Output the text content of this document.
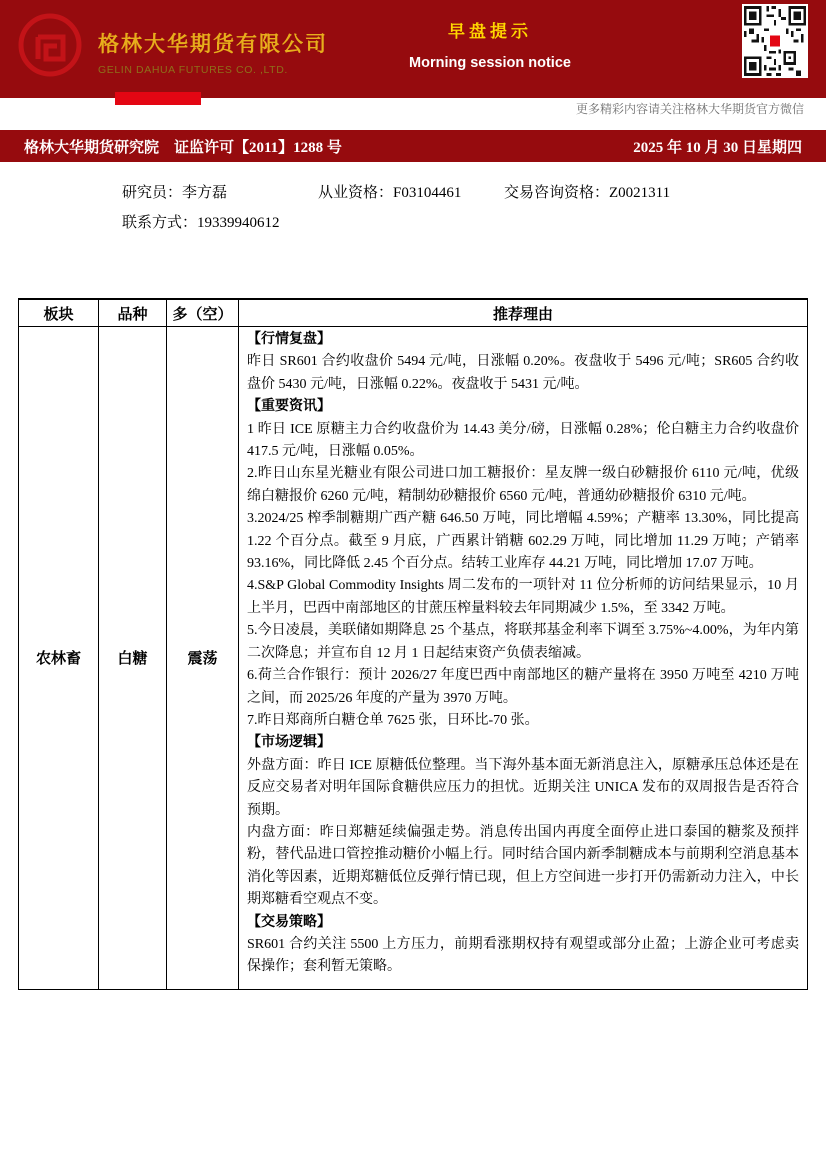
格林大华期货有限公司
GELIN DAHUA FUTURES CO. ,LTD.
早盘提示
Morning session notice
更多精彩内容请关注格林大华期货官方微信
格林大华期货研究院　证监许可【2011】1288 号	2025 年 10 月 30 日星期四
研究员：李方磊	从业资格：F03104461	交易咨询资格：Z0021311
联系方式：19339940612
板块	品种	多（空）	推荐理由
农林畜	白糖	震荡	
【行情复盘】
昨日 SR601 合约收盘价 5494 元/吨，日涨幅 0.20%。夜盘收于 5496 元/吨；SR605 合约收盘价 5430 元/吨，日涨幅 0.22%。夜盘收于 5431 元/吨。
【重要资讯】
1 昨日 ICE 原糖主力合约收盘价为 14.43 美分/磅，日涨幅 0.28%；伦白糖主力合约收盘价 417.5 元/吨，日涨幅 0.05%。
2.昨日山东星光糖业有限公司进口加工糖报价：星友牌一级白砂糖报价 6110 元/吨，优级绵白糖报价 6260 元/吨，精制幼砂糖报价 6560 元/吨，普通幼砂糖报价 6310 元/吨。
3.2024/25 榨季制糖期广西产糖 646.50 万吨，同比增幅 4.59%；产糖率 13.30%，同比提高 1.22 个百分点。截至 9 月底，广西累计销糖 602.29 万吨，同比增加 11.29 万吨；产销率 93.16%，同比降低 2.45 个百分点。结转工业库存 44.21 万吨，同比增加 17.07 万吨。
4.S&P Global Commodity Insights 周二发布的一项针对 11 位分析师的访问结果显示，10 月上半月，巴西中南部地区的甘蔗压榨量料较去年同期减少 1.5%，至 3342 万吨。
5.今日凌晨，美联储如期降息 25 个基点，将联邦基金利率下调至 3.75%~4.00%，为年内第二次降息；并宣布自 12 月 1 日起结束资产负债表缩减。
6.荷兰合作银行：预计 2026/27 年度巴西中南部地区的糖产量将在 3950 万吨至 4210 万吨之间，而 2025/26 年度的产量为 3970 万吨。
7.昨日郑商所白糖仓单 7625 张，日环比-70 张。
【市场逻辑】
外盘方面：昨日 ICE 原糖低位整理。当下海外基本面无新消息注入，原糖承压总体还是在反应交易者对明年国际食糖供应压力的担忧。近期关注 UNICA 发布的双周报告是否符合预期。
内盘方面：昨日郑糖延续偏强走势。消息传出国内再度全面停止进口泰国的糖浆及预拌粉，替代品进口管控推动糖价小幅上行。同时结合国内新季制糖成本与前期利空消息基本消化等因素，近期郑糖低位反弹行情已现，但上方空间进一步打开仍需新动力注入，中长期郑糖看空观点不变。
【交易策略】
SR601 合约关注 5500 上方压力，前期看涨期权持有观望或部分止盈；上游企业可考虑卖保操作；套利暂无策略。
